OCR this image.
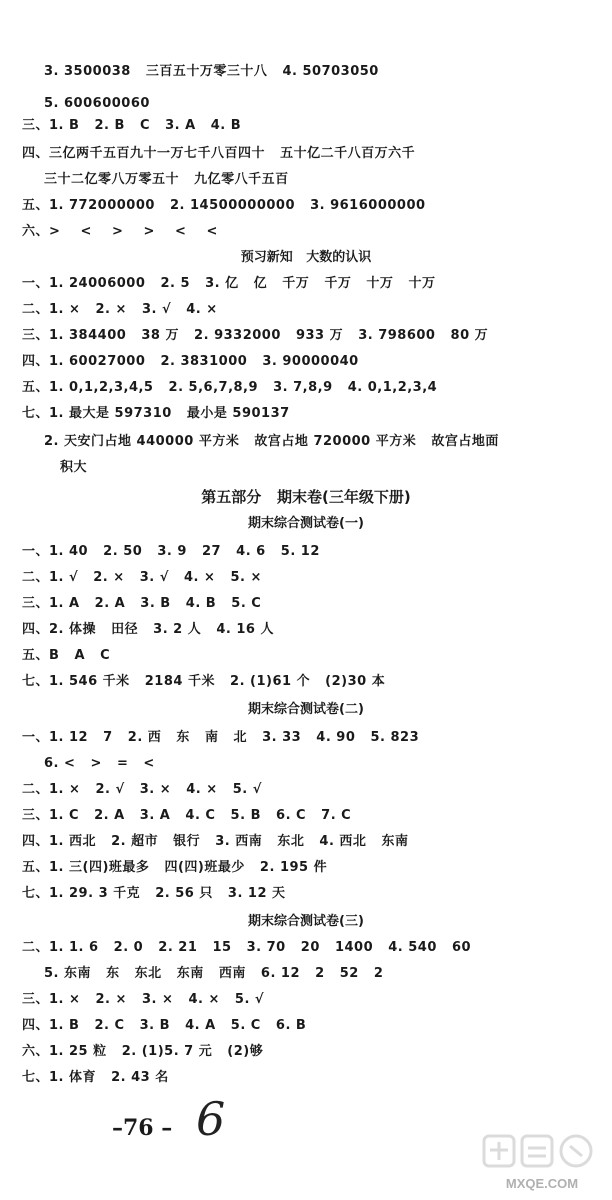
3. 3500038   三百五十万零三十八   4. 50703050
5. 600600060
三、1. B   2. B   C   3. A   4. B
四、三亿两千五百九十一万七千八百四十   五十亿二千八百万六千
三十二亿零八万零五十   九亿零八千五百
五、1. 772000000   2. 14500000000   3. 9616000000
六、>    <    >    >    <    <
预习新知   大数的认识
一、1. 24006000   2. 5   3. 亿   亿   千万   千万   十万   十万
二、1. ×   2. ×   3. √   4. ×
三、1. 384400   38 万   2. 9332000   933 万   3. 798600   80 万
四、1. 60027000   2. 3831000   3. 90000040
五、1. 0,1,2,3,4,5   2. 5,6,7,8,9   3. 7,8,9   4. 0,1,2,3,4
七、1. 最大是 597310   最小是 590137
2. 天安门占地 440000 平方米   故宫占地 720000 平方米   故宫占地面
积大
第五部分   期末卷(三年级下册)
期末综合测试卷(一)
一、1. 40   2. 50   3. 9   27   4. 6   5. 12
二、1. √   2. ×   3. √   4. ×   5. ×
三、1. A   2. A   3. B   4. B   5. C
四、2. 体操   田径   3. 2 人   4. 16 人
五、B   A   C
七、1. 546 千米   2184 千米   2. (1)61 个   (2)30 本
期末综合测试卷(二)
一、1. 12   7   2. 西   东   南   北   3. 33   4. 90   5. 823
6. <   >   =   <
二、1. ×   2. √   3. ×   4. ×   5. √
三、1. C   2. A   3. A   4. C   5. B   6. C   7. C
四、1. 西北   2. 超市   银行   3. 西南   东北   4. 西北   东南
五、1. 三(四)班最多   四(四)班最少   2. 195 件
七、1. 29. 3 千克   2. 56 只   3. 12 天
期末综合测试卷(三)
二、1. 1. 6   2. 0   2. 21   15   3. 70   20   1400   4. 540   60
5. 东南   东   东北   东南   西南   6. 12   2   52   2
三、1. ×   2. ×   3. ×   4. ×   5. √
四、1. B   2. C   3. B   4. A   5. C   6. B
六、1. 25 粒   2. (1)5. 7 元   (2)够
七、1. 体育   2. 43 名
–76 – 6
MXQE.COM
